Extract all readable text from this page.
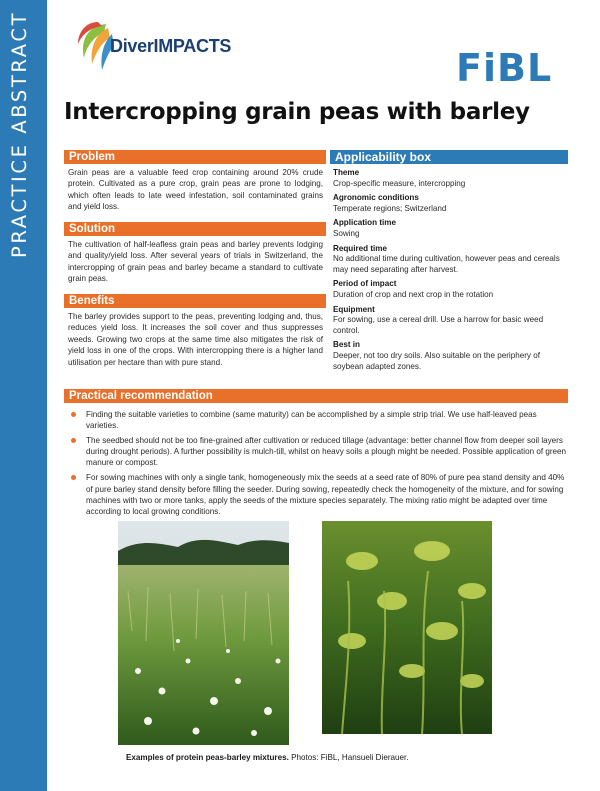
PRACTICE ABSTRACT	DiverIMPACTS	FiBL
Intercropping grain peas with barley
Problem
Grain peas are a valuable feed crop containing around 20% crude protein. Cultivated as a pure crop, grain peas are prone to lodging, which often leads to late weed infestation, soil contaminated grains and yield loss.
Solution
The cultivation of half-leafless grain peas and barley prevents lodging and quality/yield loss. After several years of trials in Switzerland, the intercropping of grain peas and barley became a standard to cultivate grain peas.
Benefits
The barley provides support to the peas, preventing lodging and, thus, reduces yield loss. It increases the soil cover and thus suppresses weeds. Growing two crops at the same time also mitigates the risk of yield loss in one of the crops. With intercropping there is a higher land utilisation per hectare than with pure stand.
Applicability box
Theme
Crop-specific measure, intercropping
Agronomic conditions
Temperate regions; Switzerland
Application time
Sowing
Required time
No additional time during cultivation, however peas and cereals may need separating after harvest.
Period of impact
Duration of crop and next crop in the rotation
Equipment
For sowing, use a cereal drill. Use a harrow for basic weed control.
Best in
Deeper, not too dry soils. Also suitable on the periphery of soybean adapted zones.
Practical recommendation
Finding the suitable varieties to combine (same maturity) can be accomplished by a simple strip trial. We use half-leaved peas varieties.
The seedbed should not be too fine-grained after cultivation or reduced tillage (advantage: better channel flow from deeper soil layers during drought periods). A further possibility is mulch-till, whilst on heavy soils a plough might be needed. Possible application of green manure or compost.
For sowing machines with only a single tank, homogeneously mix the seeds at a seed rate of 80% of pure pea stand density and 40% of pure barley stand density before filling the seeder. During sowing, repeatedly check the homogeneity of the mixture, and for sowing machines with two or more tanks, apply the seeds of the mixture species separately. The mixing ratio might be adapted over time according to local growing conditions.
Examples of protein peas-barley mixtures. Photos: FiBL, Hansueli Dierauer.
